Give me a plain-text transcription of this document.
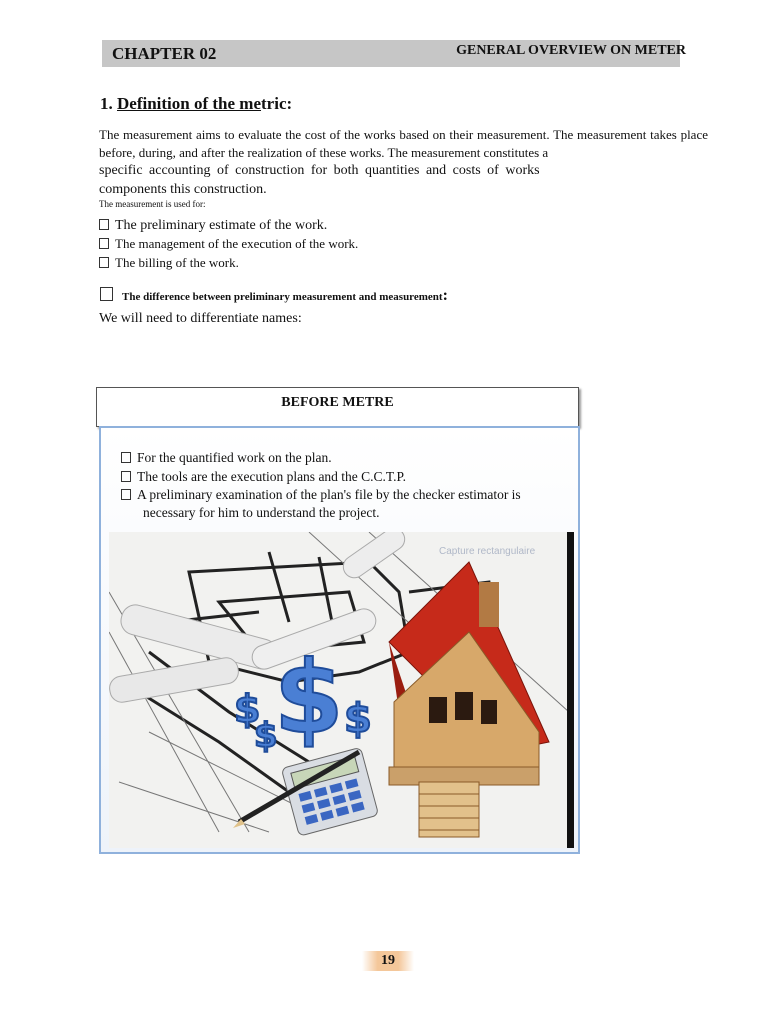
CHAPTER 02	GENERAL OVERVIEW ON METER
1. Definition of the metric:
The measurement aims to evaluate the cost of the works based on their measurement. The measurement takes place before, during, and after the realization of these works. The measurement constitutes a
specific accounting of construction for both quantities and costs of works
components this construction.
The measurement is used for:
The preliminary estimate of the work.
The management of the execution of the work.
The billing of the work.
The difference between preliminary measurement and measurement:
We will need to differentiate names:
BEFORE METRE
For the quantified work on the plan.
The tools are the execution plans and the C.C.T.P.
A preliminary examination of the plan's file by the checker estimator is
necessary for him to understand the project.
$
$
$ $
Capture rectangulaire
19
